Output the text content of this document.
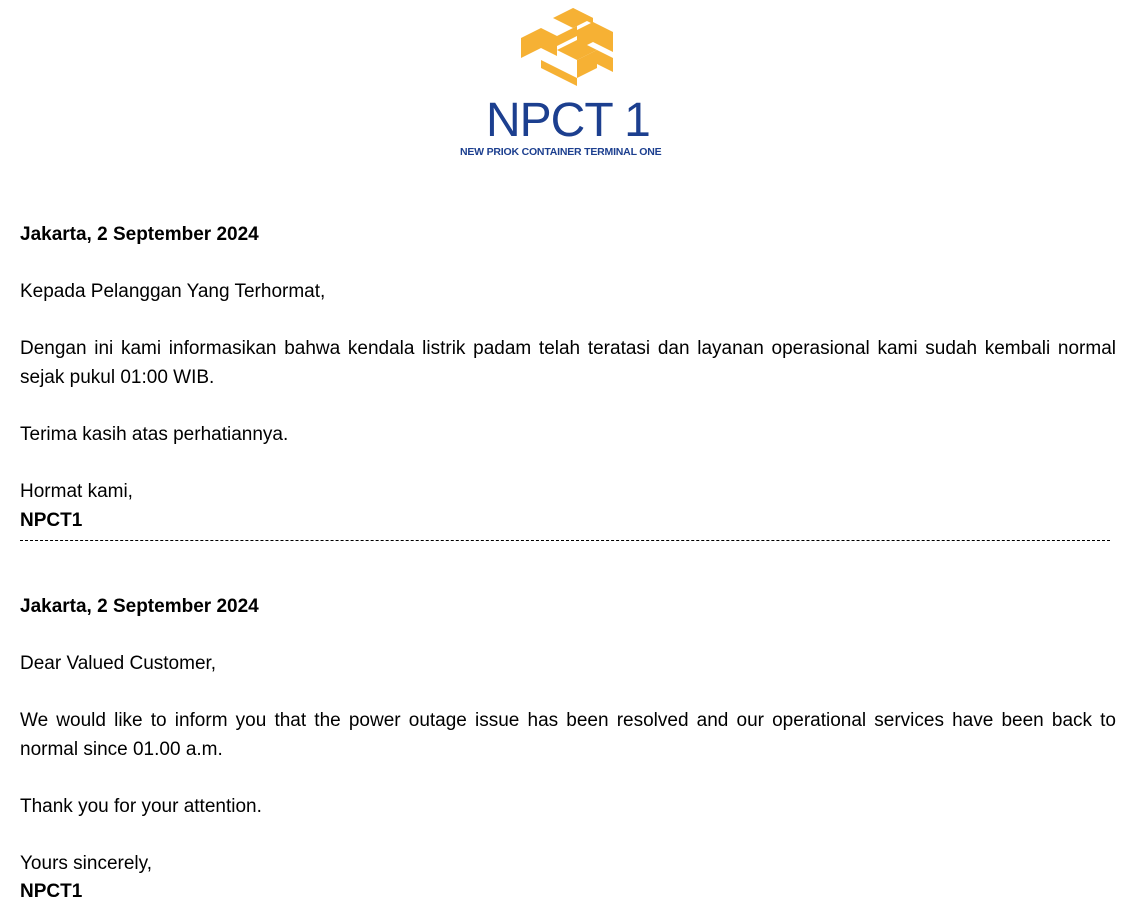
NPCT 1
NEW PRIOK CONTAINER TERMINAL ONE

Jakarta, 2 September 2024

Kepada Pelanggan Yang Terhormat,

Dengan ini kami informasikan bahwa kendala listrik padam telah teratasi dan layanan operasional kami sudah kembali normal sejak pukul 01:00 WIB.

Terima kasih atas perhatiannya.

Hormat kami,

NPCT1

Jakarta, 2 September 2024

Dear Valued Customer,

We would like to inform you that the power outage issue has been resolved and our operational services have been back to normal since 01.00 a.m.

Thank you for your attention.

Yours sincerely,

NPCT1
